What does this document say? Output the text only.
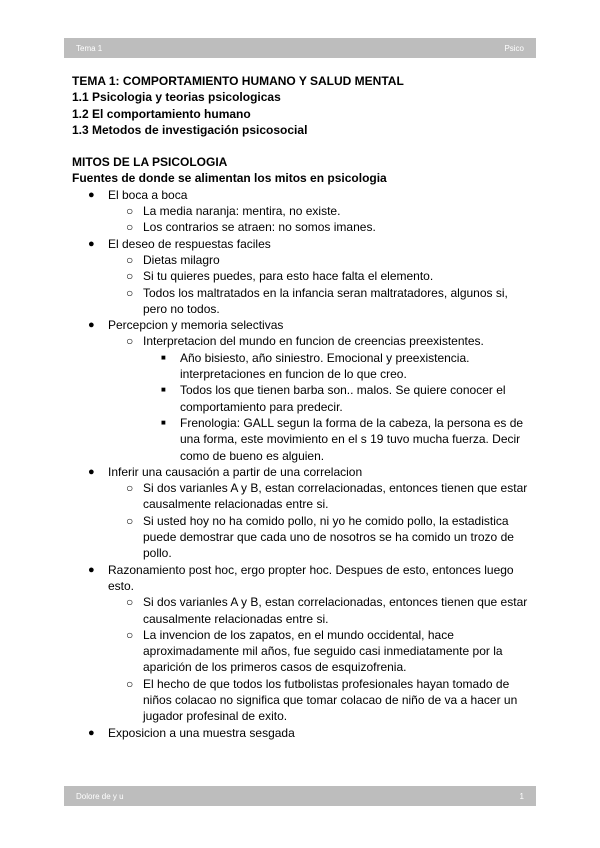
Tema 1	Psico
TEMA 1: COMPORTAMIENTO HUMANO Y SALUD MENTAL
1.1 Psicologia y teorias psicologicas
1.2 El comportamiento humano
1.3 Metodos de investigación psicosocial
MITOS DE LA PSICOLOGIA
Fuentes de donde se alimentan los mitos en psicologia
● El boca a boca
○ La media naranja: mentira, no existe.
○ Los contrarios se atraen: no somos imanes.
● El deseo de respuestas faciles
○ Dietas milagro
○ Si tu quieres puedes, para esto hace falta el elemento.
○ Todos los maltratados en la infancia seran maltratadores, algunos si, pero no todos.
● Percepcion y memoria selectivas
○ Interpretacion del mundo en funcion de creencias preexistentes.
■ Año bisiesto, año siniestro. Emocional y preexistencia. interpretaciones en funcion de lo que creo.
■ Todos los que tienen barba son.. malos. Se quiere conocer el comportamiento para predecir.
■ Frenologia: GALL segun la forma de la cabeza, la persona es de una forma, este movimiento en el s 19 tuvo mucha fuerza. Decir como de bueno es alguien.
● Inferir una causación a partir de una correlacion
○ Si dos varianles A y B, estan correlacionadas, entonces tienen que estar causalmente relacionadas entre si.
○ Si usted hoy no ha comido pollo, ni yo he comido pollo, la estadistica puede demostrar que cada uno de nosotros se ha comido un trozo de pollo.
● Razonamiento post hoc, ergo propter hoc. Despues de esto, entonces luego esto.
○ Si dos varianles A y B, estan correlacionadas, entonces tienen que estar causalmente relacionadas entre si.
○ La invencion de los zapatos, en el mundo occidental, hace aproximadamente mil años, fue seguido casi inmediatamente por la aparición de los primeros casos de esquizofrenia.
○ El hecho de que todos los futbolistas profesionales hayan tomado de niños colacao no significa que tomar colacao de niño de va a hacer un jugador profesinal de exito.
● Exposicion a una muestra sesgada
Dolore de y u	1
